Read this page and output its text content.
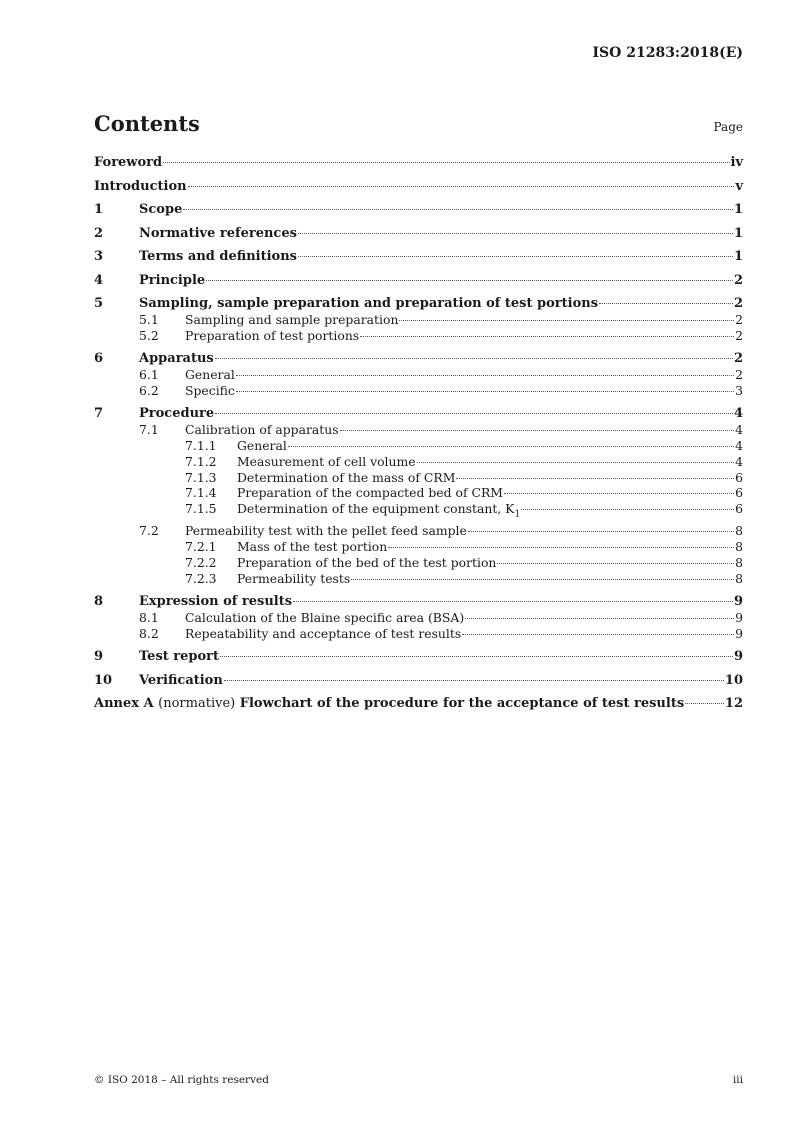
ISO 21283:2018(E)
Contents	Page
Foreword	iv
Introduction	v
1	Scope	1
2	Normative references	1
3	Terms and definitions	1
4	Principle	2
5	Sampling, sample preparation and preparation of test portions	2
5.1	Sampling and sample preparation	2
5.2	Preparation of test portions	2
6	Apparatus	2
6.1	General	2
6.2	Specific	3
7	Procedure	4
7.1	Calibration of apparatus	4
7.1.1	General	4
7.1.2	Measurement of cell volume	4
7.1.3	Determination of the mass of CRM	6
7.1.4	Preparation of the compacted bed of CRM	6
7.1.5	Determination of the equipment constant, $K_1$	6
7.2	Permeability test with the pellet feed sample	8
7.2.1	Mass of the test portion	8
7.2.2	Preparation of the bed of the test portion	8
7.2.3	Permeability tests	8
8	Expression of results	9
8.1	Calculation of the Blaine specific area (BSA)	9
8.2	Repeatability and acceptance of test results	9
9	Test report	9
10	Verification	10
Annex A (normative) Flowchart of the procedure for the acceptance of test results	12
© ISO 2018 – All rights reserved	iii
